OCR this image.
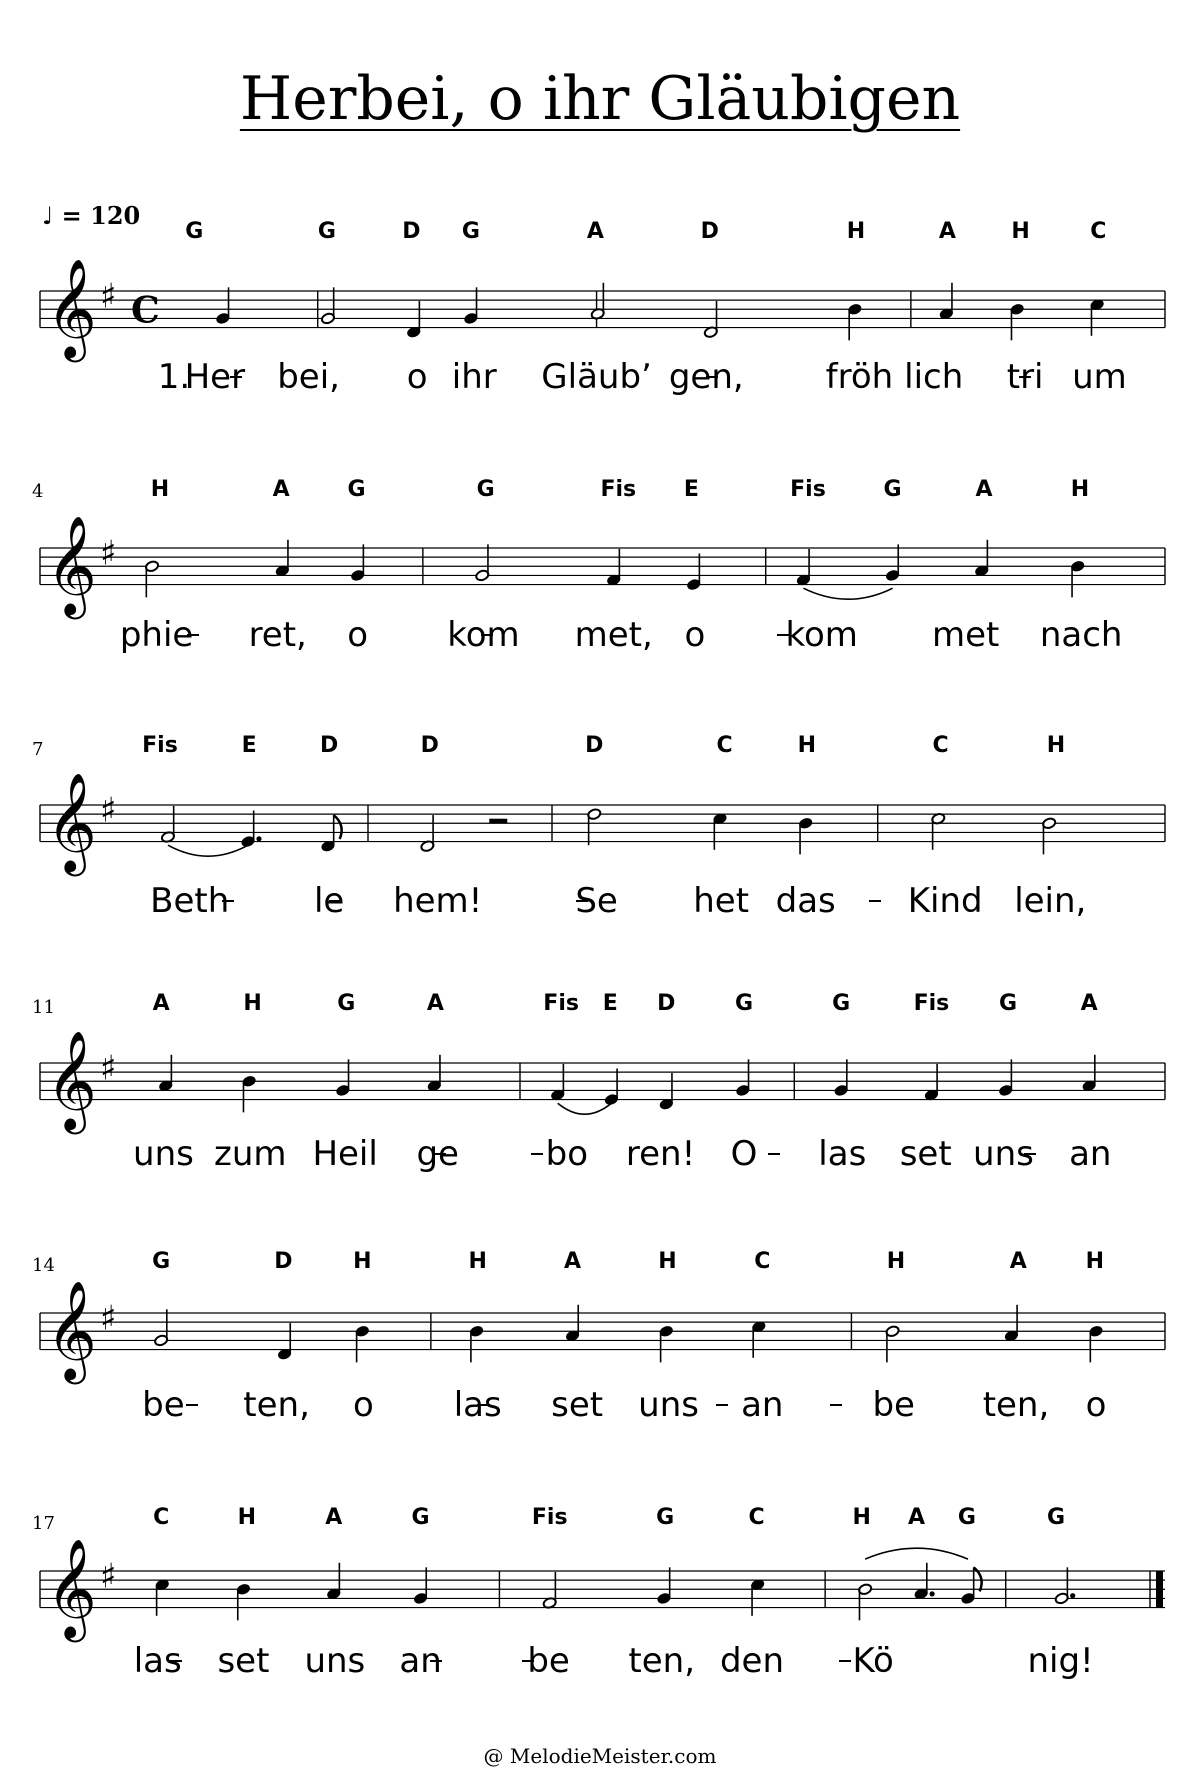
Herbei, o ihr Gläubigen
C
𝄞 ♯
𝄞 ♯
𝄞 ♯
𝄞 ♯
𝄞 ♯
𝄞 ♯
♩ = 120
4
7
11
14
17
G	G	D G	A	D	H	A	H	C
H	A	G	G	Fis E	Fis	G	A	H
Fis	E	D	D	D	C	H	C	H
A	H	G	A	Fis E D	G	G	Fis G	A
G	D	H	H	A	H	C	H	A	H
C	H	A	G	Fis	G	C	H A G	G
1.
Her bei, o ihr Gläub’ gen, fröh lich tri um
phie ret, o kom met, o kom met nach
Beth le hem!	Se het das Kind lein,
uns zum Heil ge	bo ren! O las set uns an
be ten, o las set uns an	be ten, o
las set uns an	be ten, den Kö	nig!
@ MelodieMeister.com
